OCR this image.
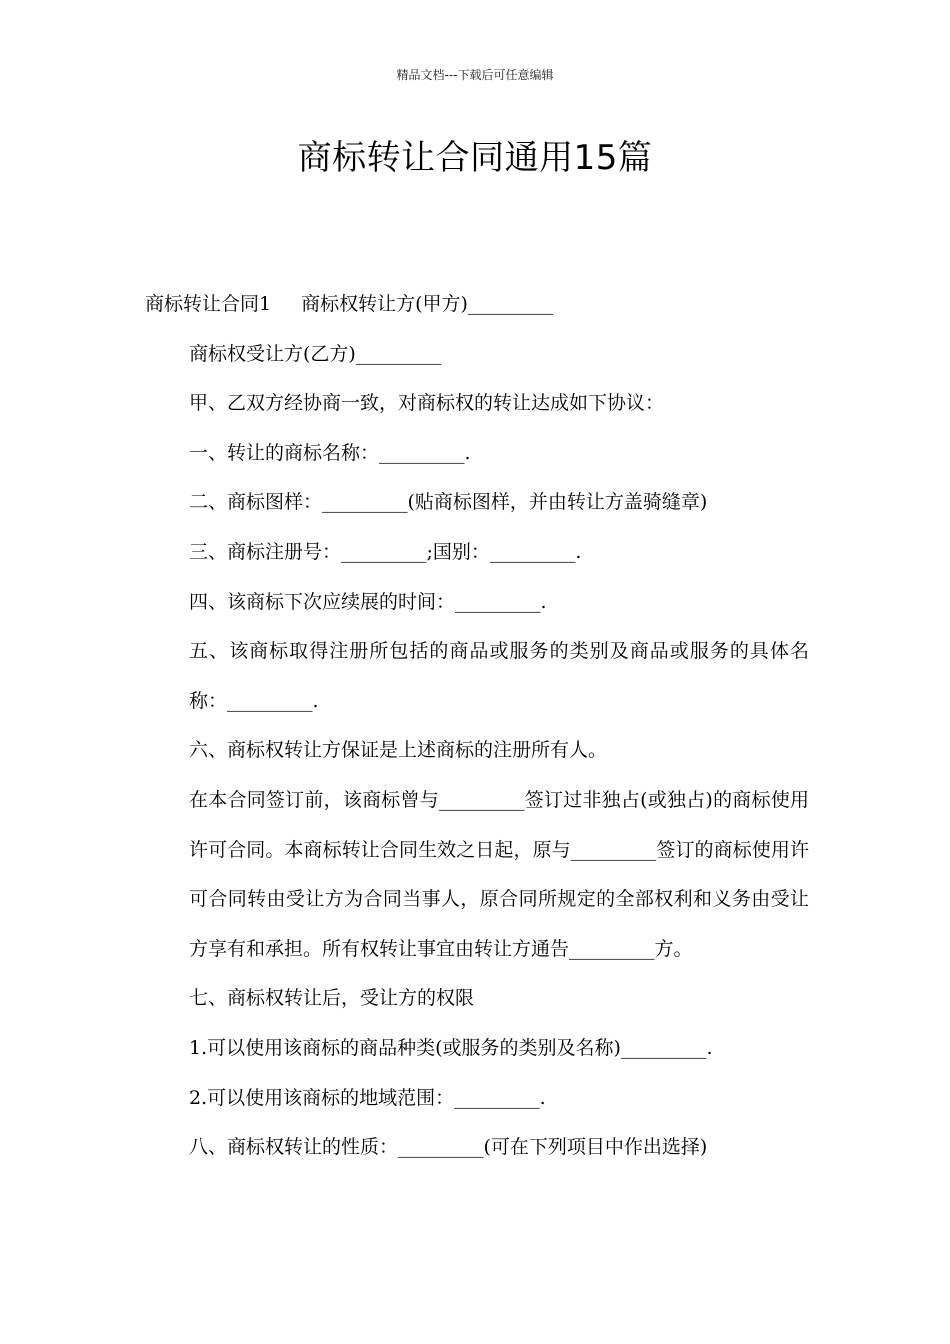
精品文档---下载后可任意编辑
商标转让合同通用15篇

商标转让合同1 商标权转让方(甲方)_________

商标权受让方(乙方)_________

甲、乙双方经协商一致，对商标权的转让达成如下协议：

一、转让的商标名称：_________.

二、商标图样：_________(贴商标图样，并由转让方盖骑缝章)

三、商标注册号：_________;国别：_________.

四、该商标下次应续展的时间：_________.

五、该商标取得注册所包括的商品或服务的类别及商品或服务的具体名称：_________.

六、商标权转让方保证是上述商标的注册所有人。

在本合同签订前，该商标曾与_________签订过非独占(或独占)的商标使用许可合同。本商标转让合同生效之日起，原与_________签订的商标使用许可合同转由受让方为合同当事人，原合同所规定的全部权利和义务由受让方享有和承担。所有权转让事宜由转让方通告_________方。

七、商标权转让后，受让方的权限

1.可以使用该商标的商品种类(或服务的类别及名称)_________.

2.可以使用该商标的地域范围：_________.

八、商标权转让的性质：_________(可在下列项目中作出选择)
